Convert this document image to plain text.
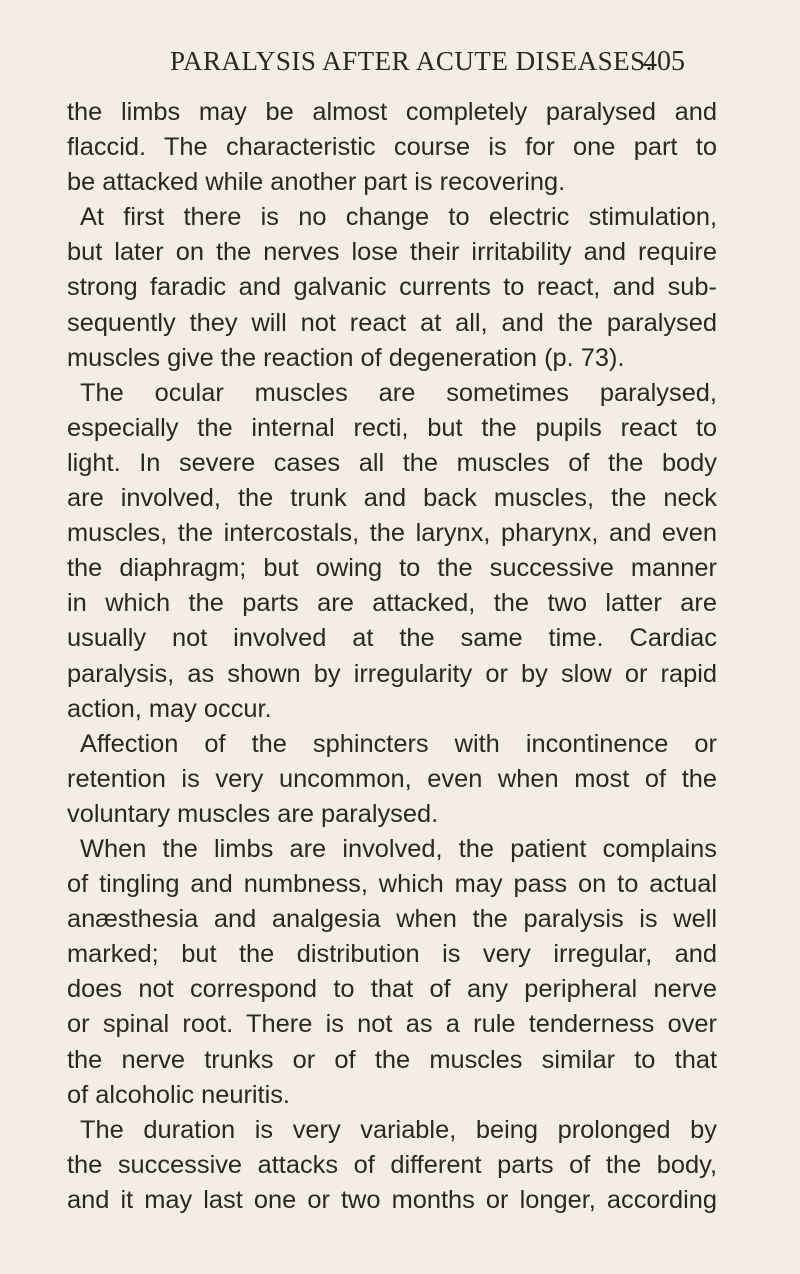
PARALYSIS AFTER ACUTE DISEASES.
405
the limbs may be almost completely paralysed and
flaccid. The characteristic course is for one part to
be attacked while another part is recovering.
At first there is no change to electric stimulation,
but later on the nerves lose their irritability and require
strong faradic and galvanic currents to react, and sub-
sequently they will not react at all, and the paralysed
muscles give the reaction of degeneration (p. 73).
The ocular muscles are sometimes paralysed,
especially the internal recti, but the pupils react to
light. In severe cases all the muscles of the body
are involved, the trunk and back muscles, the neck
muscles, the intercostals, the larynx, pharynx, and even
the diaphragm; but owing to the successive manner
in which the parts are attacked, the two latter are
usually not involved at the same time. Cardiac
paralysis, as shown by irregularity or by slow or rapid
action, may occur.
Affection of the sphincters with incontinence or
retention is very uncommon, even when most of the
voluntary muscles are paralysed.
When the limbs are involved, the patient complains
of tingling and numbness, which may pass on to actual
anæsthesia and analgesia when the paralysis is well
marked; but the distribution is very irregular, and
does not correspond to that of any peripheral nerve
or spinal root. There is not as a rule tenderness over
the nerve trunks or of the muscles similar to that
of alcoholic neuritis.
The duration is very variable, being prolonged by
the successive attacks of different parts of the body,
and it may last one or two months or longer, according
